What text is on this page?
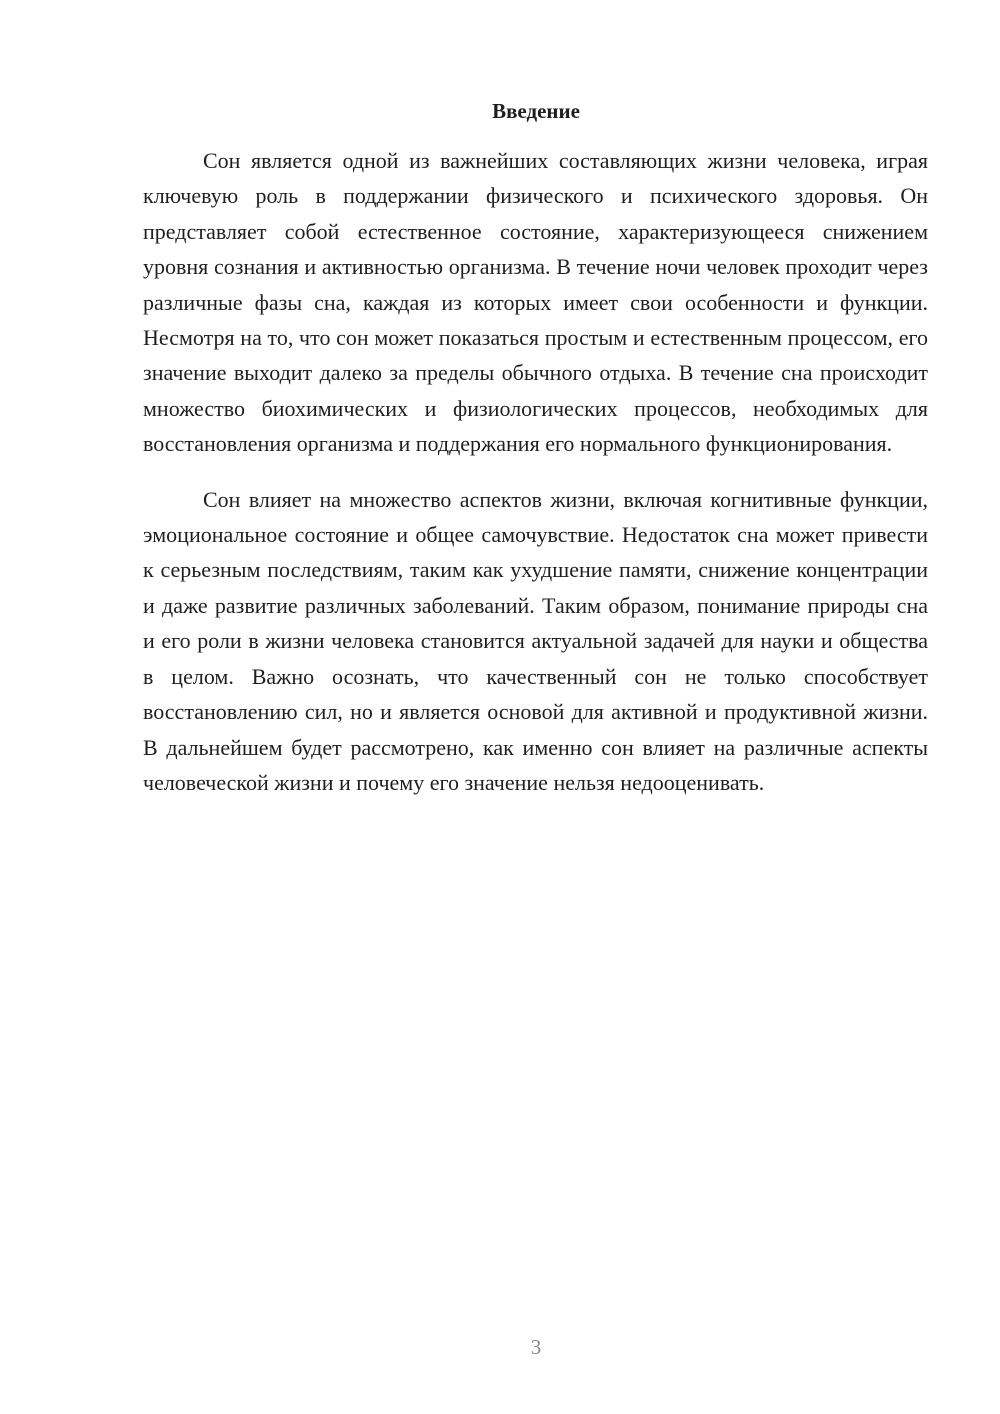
Введение

Сон является одной из важнейших составляющих жизни человека, играя ключевую роль в поддержании физического и психического здоровья. Он представляет собой естественное состояние, характеризующееся снижением уровня сознания и активностью организма. В течение ночи человек проходит через различные фазы сна, каждая из которых имеет свои особенности и функции. Несмотря на то, что сон может показаться простым и естественным процессом, его значение выходит далеко за пределы обычного отдыха. В течение сна происходит множество биохимических и физиологических процессов, необходимых для восстановления организма и поддержания его нормального функционирования.

Сон влияет на множество аспектов жизни, включая когнитивные функции, эмоциональное состояние и общее самочувствие. Недостаток сна может привести к серьезным последствиям, таким как ухудшение памяти, снижение концентрации и даже развитие различных заболеваний. Таким образом, понимание природы сна и его роли в жизни человека становится актуальной задачей для науки и общества в целом. Важно осознать, что качественный сон не только способствует восстановлению сил, но и является основой для активной и продуктивной жизни. В дальнейшем будет рассмотрено, как именно сон влияет на различные аспекты человеческой жизни и почему его значение нельзя недооценивать.

3
